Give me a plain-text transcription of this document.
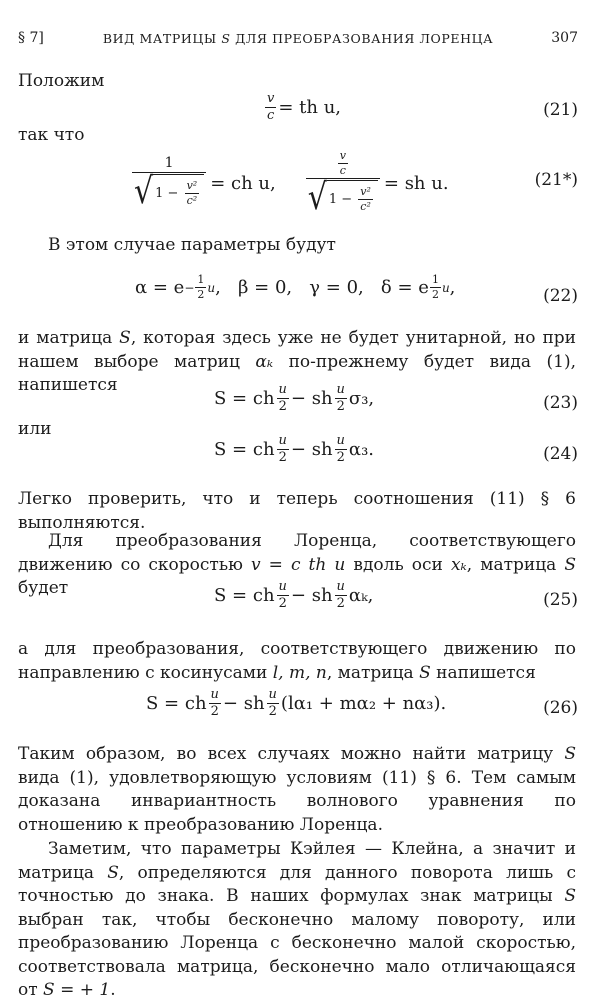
§ 7]	ВИД МАТРИЦЫ S ДЛЯ ПРЕОБРАЗОВАНИЯ ЛОРЕНЦА	307
Положим
$\frac{v}{c}$ = th u,	(21)
так что
1
√ 1 −
$\frac{\text{v²}}{\text{c²}}$ = ch u,	$\frac{v}{c}$
√ 1 −
$\frac{\text{v²}}{\text{c²}}$ = sh u.	(21*)
В этом случае параметры будут
$\alpha = e - \frac{1}{2}$ u ,   β = 0,   γ = 0,   δ = e $\frac{1}{2}$ u ,	(22)
и матрица S, которая здесь уже не будет унитарной, но при нашем выборе матриц αₖ по-прежнему будет вида (1), напишется
S = ch $\frac{u}{2}$ − sh $\frac{u}{2} \sigma_3$,	(23)
или
S = ch $\frac{u}{2}$ − sh $\frac{u}{2} \alpha_3$.	(24)
Легко проверить, что и теперь соотношения (11) § 6 выполняются.
Для преобразования Лоренца, соответствующего движению со скоростью v = c th u вдоль оси xₖ, матрица S будет	S = ch $\frac{u}{2}$ − sh $\frac{u}{2} \alpha_k$,	(25)
а для преобразования, соответствующего движению по направлению с косинусами l, m, n, матрица S напишется
S = ch $\frac{u}{2}$ − sh $\frac{u}{2} (l\alpha_1 + m\alpha_2 + n\alpha_3)$.	(26)
Таким образом, во всех случаях можно найти матрицу S вида (1), удовлетворяющую условиям (11) § 6. Тем самым доказана инвариантность волнового уравнения по отношению к преобразованию Лоренца.
Заметим, что параметры Кэйлея — Клейна, а значит и матрица S, определяются для данного поворота лишь с точностью до знака. В наших формулах знак матрицы S выбран так, чтобы бесконечно малому повороту, или преобразованию Лоренца с бесконечно малой скоростью, соответствовала матрица, бесконечно мало отличающаяся от S = + 1.
